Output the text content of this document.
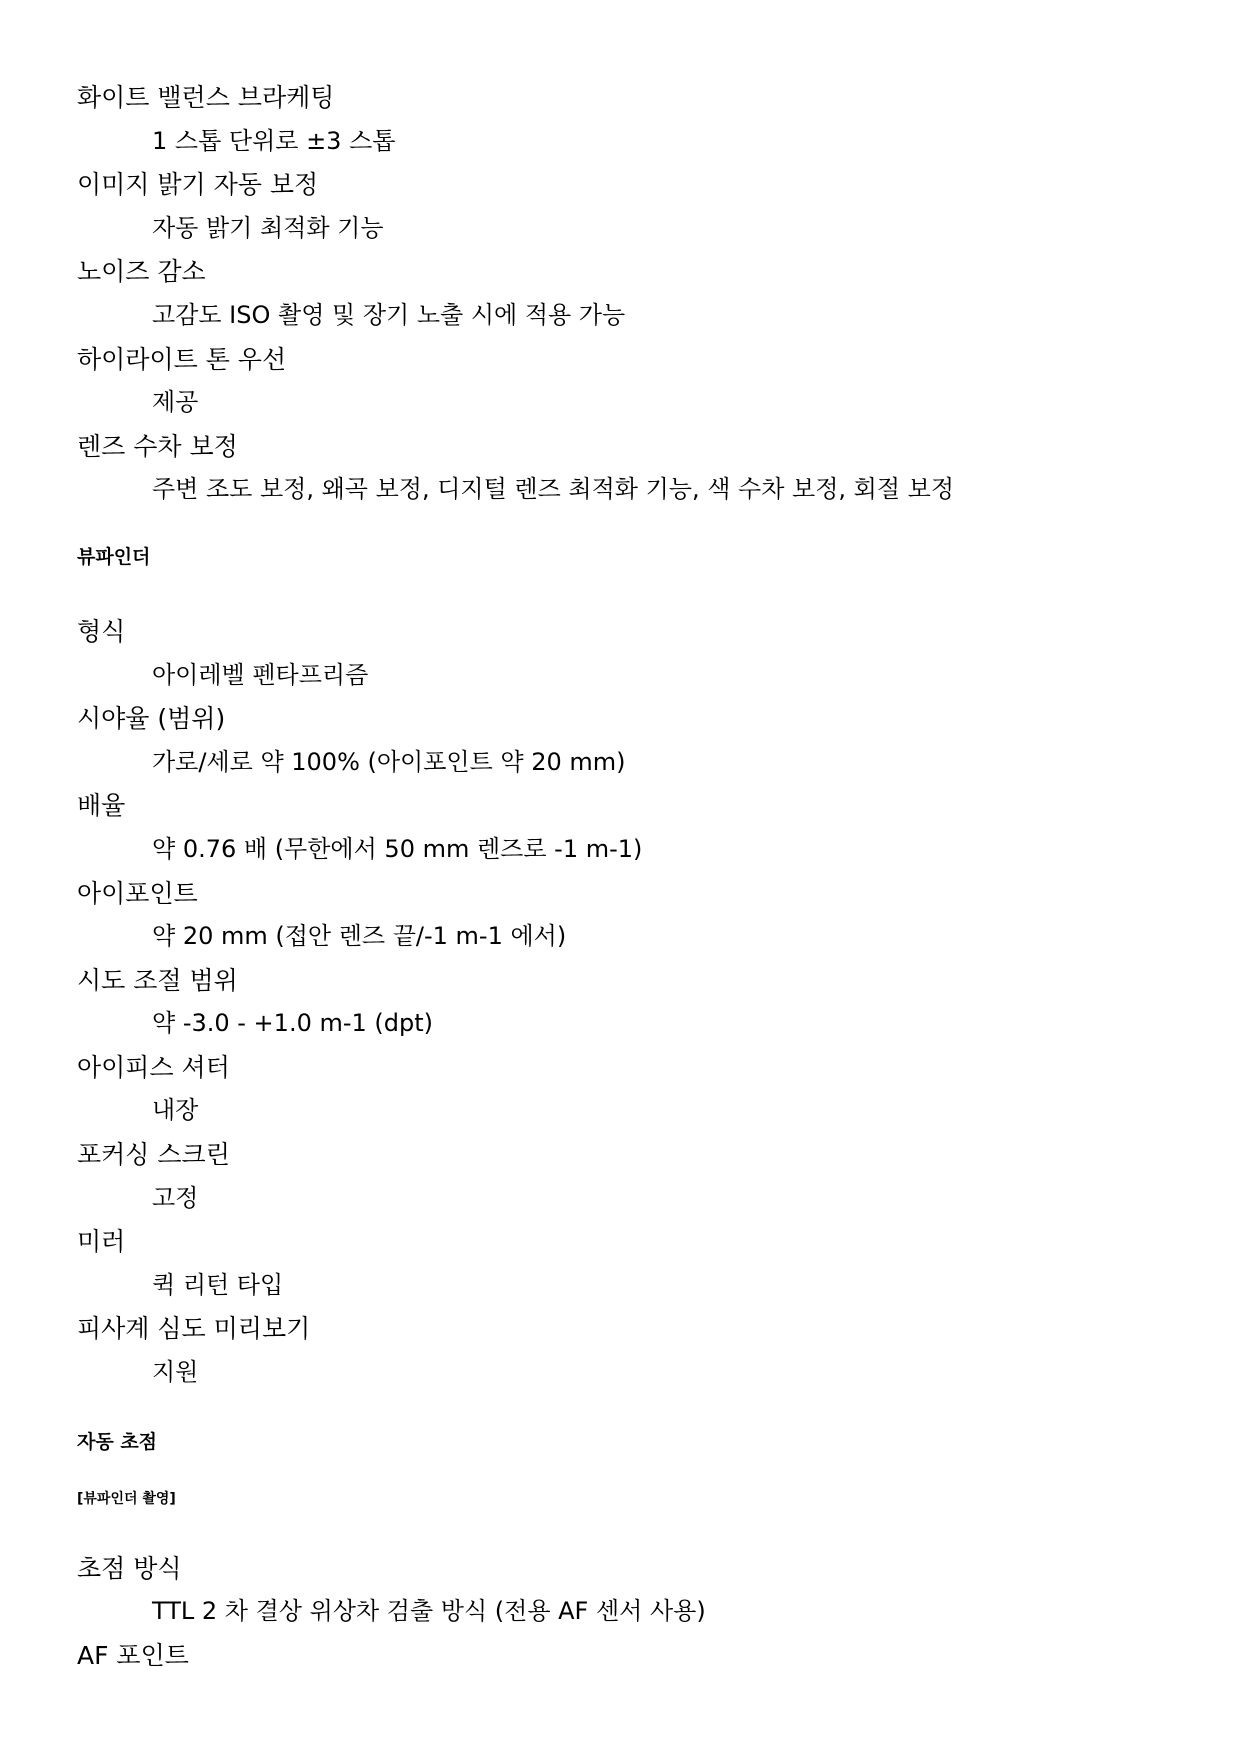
화이트 밸런스 브라케팅
1 스톱 단위로 ±3 스톱
이미지 밝기 자동 보정
자동 밝기 최적화 기능
노이즈 감소
고감도 ISO 촬영 및 장기 노출 시에 적용 가능
하이라이트 톤 우선
제공
렌즈 수차 보정
주변 조도 보정, 왜곡 보정, 디지털 렌즈 최적화 기능, 색 수차 보정, 회절 보정
뷰파인더
형식
아이레벨 펜타프리즘
시야율 (범위)
가로/세로 약 100% (아이포인트 약 20 mm)
배율
약 0.76 배 (무한에서 50 mm 렌즈로 -1 m-1)
아이포인트
약 20 mm (접안 렌즈 끝/-1 m-1 에서)
시도 조절 범위
약 -3.0 - +1.0 m-1 (dpt)
아이피스 셔터
내장
포커싱 스크린
고정
미러
퀵 리턴 타입
피사계 심도 미리보기
지원
자동 초점
[뷰파인더 촬영]
초점 방식
TTL 2 차 결상 위상차 검출 방식 (전용 AF 센서 사용)
AF 포인트
